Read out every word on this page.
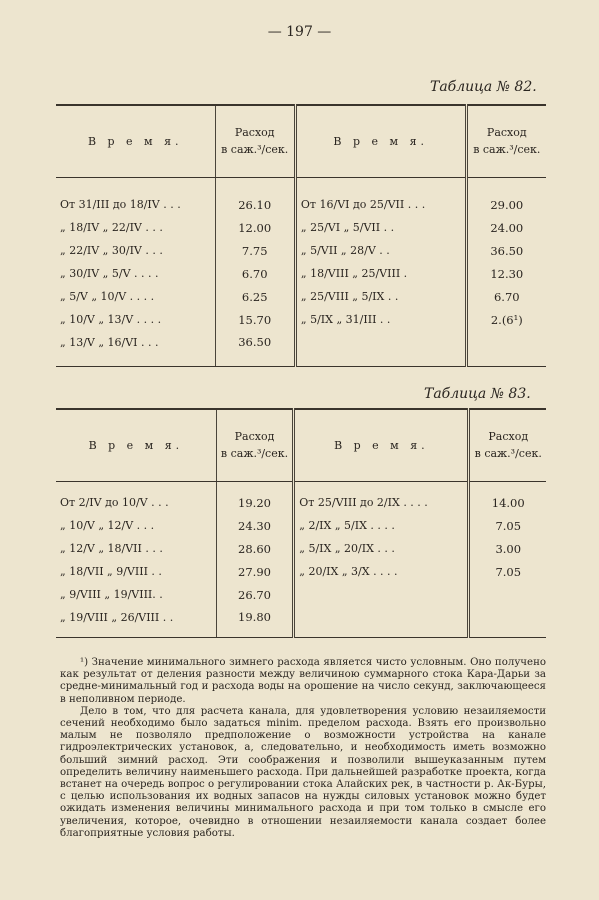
— 197 —
Таблица № 82.
В р е м я.	Расход
в саж.³/сек.	В р е м я.	Расход
в саж.³/сек.
От 31/III до 18/IV . . .	26.10	От 16/VI до 25/VII . . .	29.00
„ 18/IV „ 22/IV . . .	12.00	„ 25/VI „ 5/VII . .	24.00
„ 22/IV „ 30/IV . . .	7.75	„ 5/VII „ 28/V . .	36.50
„ 30/IV „ 5/V . . . .	6.70	„ 18/VIII „ 25/VIII .	12.30
„ 5/V „ 10/V . . . .	6.25	„ 25/VIII „ 5/IX . .	6.70
„ 10/V „ 13/V . . . .	15.70	„ 5/IX „ 31/III . .	2.(6¹)
„ 13/V „ 16/VI . . .	36.50		
Таблица № 83.
В р е м я.	Расход
в саж.³/сек.	В р е м я.	Расход
в саж.³/сек.
От 2/IV до 10/V . . .	19.20	От 25/VIII до 2/IX . . . .	14.00
„ 10/V „ 12/V . . .	24.30	„ 2/IX „ 5/IX . . . .	7.05
„ 12/V „ 18/VII . . .	28.60	„ 5/IX „ 20/IX . . .	3.00
„ 18/VII „ 9/VIII . .	27.90	„ 20/IX „ 3/X . . . .	7.05
„ 9/VIII „ 19/VIII. .	26.70		
„ 19/VIII „ 26/VIII . .	19.80		

¹) Значение минимального зимнего расхода является чисто условным. Оно получено как результат от деления разности между величиною суммарного стока Кара-Дарьи за средне-минимальный год и расхода воды на орошение на число секунд, заключающееся в неполивном периоде.

Дело в том, что для расчета канала, для удовлетворения условию незаиляемости сечений необходимо было задаться minim. пределом расхода. Взять его произвольно малым не позволяло предположение о возможности устройства на канале гидроэлектрических установок, а, следовательно, и необходимость иметь возможно больший зимний расход. Эти соображения и позволили вышеуказанным путем определить величину наименьшего расхода. При дальнейшей разработке проекта, когда встанет на очередь вопрос о регулировании стока Алайских рек, в частности р. Ак-Буры, с целью использования их водных запасов на нужды силовых установок можно будет ожидать изменения величины минимального расхода и при том только в смысле его увеличения, которое, очевидно в отношении незаиляемости канала создает более благоприятные условия работы.
